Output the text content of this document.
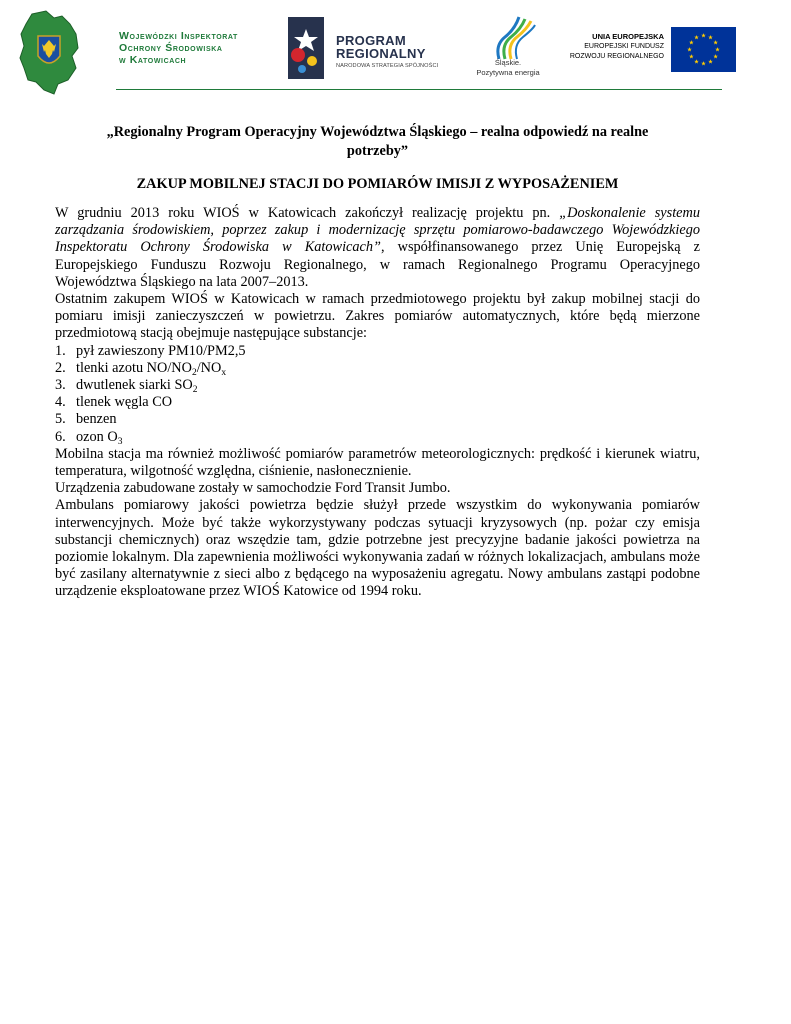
Wojewódzki Inspektorat
Ochrony Środowiska
w Katowicach
PROGRAM
REGIONALNY
NARODOWA STRATEGIA SPÓJNOŚCI	Śląskie.
Pozytywna energia
UNIA EUROPEJSKA
EUROPEJSKI FUNDUSZ
ROZWOJU REGIONALNEGO
„Regionalny Program Operacyjny Województwa Śląskiego – realna odpowiedź na realne potrzeby”
ZAKUP MOBILNEJ STACJI DO POMIARÓW IMISJI Z WYPOSAŻENIEM

W grudniu 2013 roku WIOŚ w Katowicach zakończył realizację projektu pn. „Doskonalenie systemu zarządzania środowiskiem, poprzez zakup i modernizację sprzętu pomiarowo-badawczego Wojewódzkiego Inspektoratu Ochrony Środowiska w Katowicach”, współfinansowanego przez Unię Europejską z Europejskiego Funduszu Rozwoju Regionalnego, w ramach Regionalnego Programu Operacyjnego Województwa Śląskiego na lata 2007–2013.

Ostatnim zakupem WIOŚ w Katowicach w ramach przedmiotowego projektu był zakup mobilnej stacji do pomiaru imisji zanieczyszczeń w powietrzu. Zakres pomiarów automatycznych, które będą mierzone przedmiotową stacją obejmuje następujące substancje:

1. pył zawieszony PM10/PM2,5
2. tlenki azotu $NO/NO_2/NO_x$
3. dwutlenek siarki $SO_2$
4. tlenek węgla CO
5. benzen
6. ozon $O_3$

Mobilna stacja ma również możliwość pomiarów parametrów meteorologicznych: prędkość i kierunek wiatru, temperatura, wilgotność względna, ciśnienie, nasłonecznienie.

Urządzenia zabudowane zostały w samochodzie Ford Transit Jumbo.

Ambulans pomiarowy jakości powietrza będzie służył przede wszystkim do wykonywania pomiarów interwencyjnych. Może być także wykorzystywany podczas sytuacji kryzysowych (np. pożar czy emisja substancji chemicznych) oraz wszędzie tam, gdzie potrzebne jest precyzyjne badanie jakości powietrza na poziomie lokalnym. Dla zapewnienia możliwości wykonywania zadań w różnych lokalizacjach, ambulans może być zasilany alternatywnie z sieci albo z będącego na wyposażeniu agregatu. Nowy ambulans zastąpi podobne urządzenie eksploatowane przez WIOŚ Katowice od 1994 roku.
